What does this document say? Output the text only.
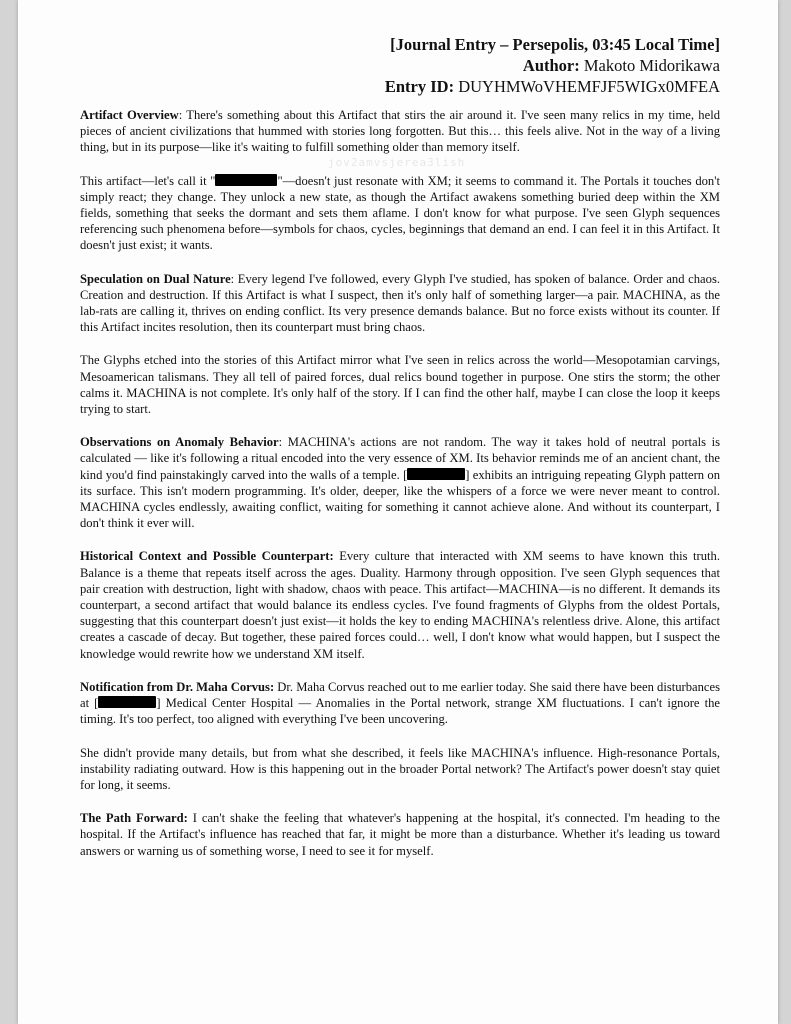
jov2amvsjerea3lish
[Journal Entry – Persepolis, 03:45 Local Time]
Author: Makoto Midorikawa
Entry ID: DUYHMWoVHEMFJF5WIGx0MFEA

Artifact Overview: There's something about this Artifact that stirs the air around it. I've seen many relics in my time, held pieces of ancient civilizations that hummed with stories long forgotten. But this… this feels alive. Not in the way of a living thing, but in its purpose—like it's waiting to fulfill something older than memory itself.

This artifact—let's call it "	"—doesn't just resonate with XM; it seems to command it. The Portals it touches don't simply react; they change. They unlock a new state, as though the Artifact awakens something buried deep within the XM fields, something that seeks the dormant and sets them aflame. I don't know for what purpose. I've seen Glyph sequences referencing such phenomena before—symbols for chaos, cycles, beginnings that demand an end. I can feel it in this Artifact. It doesn't just exist; it wants.

Speculation on Dual Nature: Every legend I've followed, every Glyph I've studied, has spoken of balance. Order and chaos. Creation and destruction. If this Artifact is what I suspect, then it's only half of something larger—a pair. MACHINA, as the lab-rats are calling it, thrives on ending conflict. Its very presence demands balance. But no force exists without its counter. If this Artifact incites resolution, then its counterpart must bring chaos.

The Glyphs etched into the stories of this Artifact mirror what I've seen in relics across the world—Mesopotamian carvings, Mesoamerican talismans. They all tell of paired forces, dual relics bound together in purpose. One stirs the storm; the other calms it. MACHINA is not complete. It's only half of the story. If I can find the other half, maybe I can close the loop it keeps trying to start.

Observations on Anomaly Behavior: MACHINA's actions are not random. The way it takes hold of neutral portals is calculated — like it's following a ritual encoded into the very essence of XM. Its behavior reminds me of an ancient chant, the kind you'd find painstakingly carved into the walls of a temple. [	] exhibits an intriguing repeating Glyph pattern on its surface. This isn't modern programming. It's older, deeper, like the whispers of a force we were never meant to control. MACHINA cycles endlessly, awaiting conflict, waiting for something it cannot achieve alone. And without its counterpart, I don't think it ever will.

Historical Context and Possible Counterpart: Every culture that interacted with XM seems to have known this truth. Balance is a theme that repeats itself across the ages. Duality. Harmony through opposition. I've seen Glyph sequences that pair creation with destruction, light with shadow, chaos with peace. This artifact—MACHINA—is no different. It demands its counterpart, a second artifact that would balance its endless cycles. I've found fragments of Glyphs from the oldest Portals, suggesting that this counterpart doesn't just exist—it holds the key to ending MACHINA's relentless drive. Alone, this artifact creates a cascade of decay. But together, these paired forces could… well, I don't know what would happen, but I suspect the knowledge would rewrite how we understand XM itself.

Notification from Dr. Maha Corvus: Dr. Maha Corvus reached out to me earlier today. She said there have been disturbances at [	] Medical Center Hospital — Anomalies in the Portal network, strange XM fluctuations. I can't ignore the timing. It's too perfect, too aligned with everything I've been uncovering.

She didn't provide many details, but from what she described, it feels like MACHINA's influence. High-resonance Portals, instability radiating outward. How is this happening out in the broader Portal network? The Artifact's power doesn't stay quiet for long, it seems.

The Path Forward: I can't shake the feeling that whatever's happening at the hospital, it's connected. I'm heading to the hospital. If the Artifact's influence has reached that far, it might be more than a disturbance. Whether it's leading us toward answers or warning us of something worse, I need to see it for myself.
